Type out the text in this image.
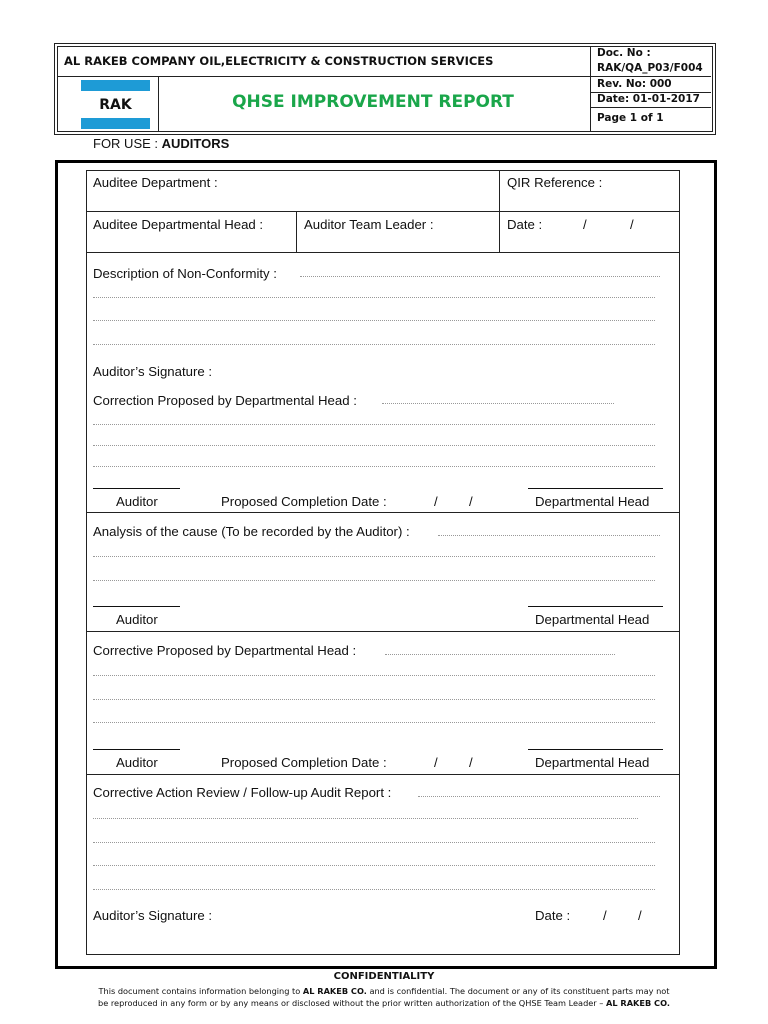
AL RAKEB COMPANY OIL,ELECTRICITY & CONSTRUCTION SERVICES
RAK	QHSE IMPROVEMENT REPORT
Doc. No :
RAK/QA_P03/F004
Rev. No: 000
Date: 01-01-2017
Page 1 of 1
FOR USE : AUDITORS
Auditee Department :	QIR Reference :
Auditee Departmental Head :	Auditor Team Leader :	Date :	/	/
Description of Non-Conformity :
Auditor’s Signature :
Correction Proposed by Departmental Head :
Auditor	Proposed Completion Date :	/ /	Departmental Head
Analysis of the cause (To be recorded by the Auditor) :
Auditor	Departmental Head
Corrective Proposed by Departmental Head :
Auditor	Proposed Completion Date :	/ /	Departmental Head
Corrective Action Review / Follow-up Audit Report :
Auditor’s Signature :	Date : / /
CONFIDENTIALITY
This document contains information belonging to AL RAKEB CO. and is confidential. The document or any of its constituent parts may not
be reproduced in any form or by any means or disclosed without the prior written authorization of the QHSE Team Leader – AL RAKEB CO.
